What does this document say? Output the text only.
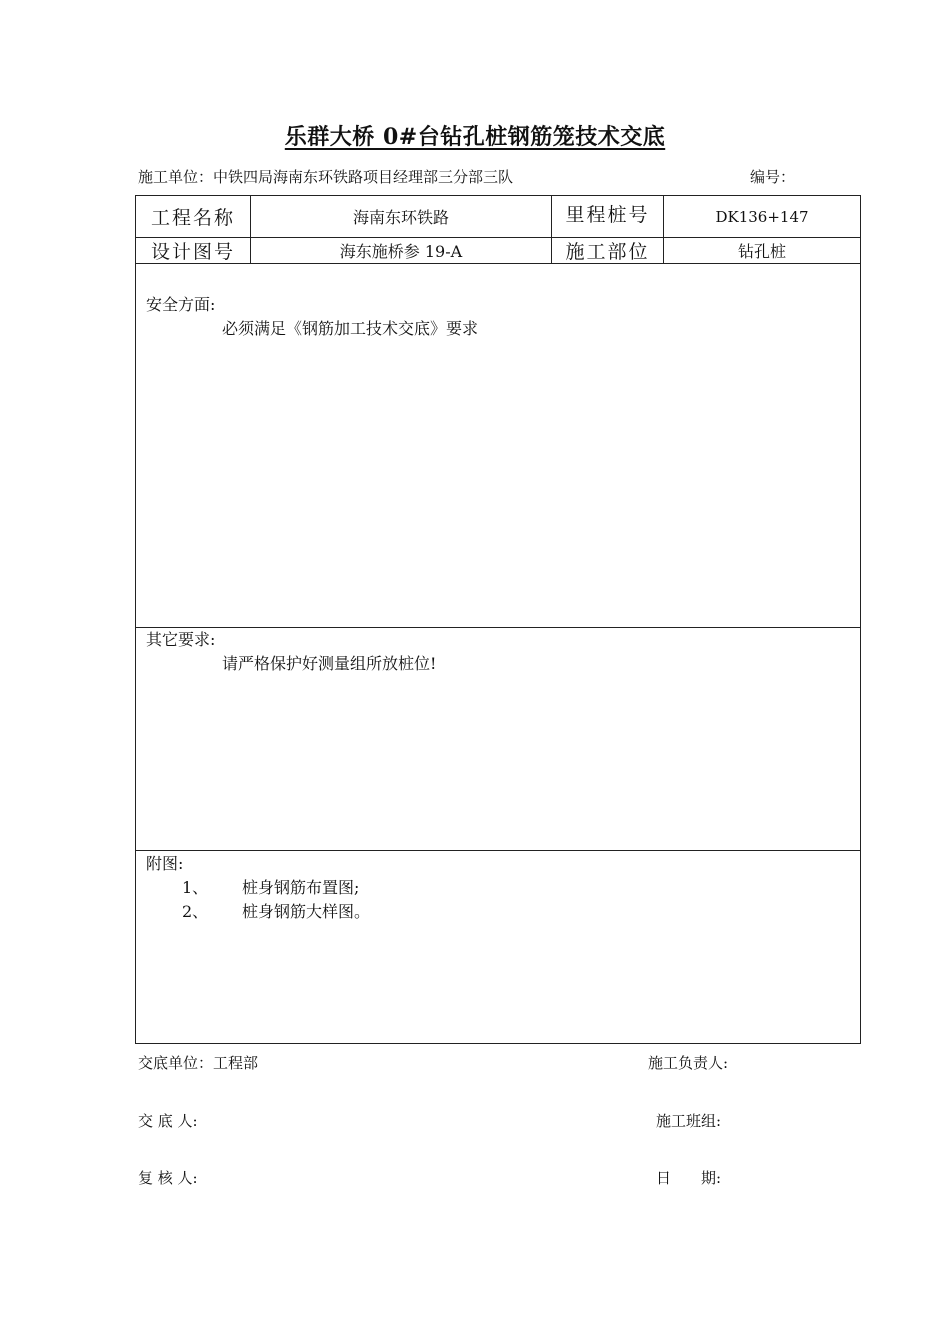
乐群大桥 0#台钻孔桩钢筋笼技术交底
施工单位：中铁四局海南东环铁路项目经理部三分部三队	编号：
工程名称	海南东环铁路	里程桩号	DK136+147
设计图号	海东施桥参 19-A	施工部位	钻孔桩
安全方面:
必须满足《钢筋加工技术交底》要求
其它要求:
请严格保护好测量组所放桩位!
附图:
1、 桩身钢筋布置图;
2、 桩身钢筋大样图。
交底单位：工程部	施工负责人:
交 底 人:	施工班组:
复 核 人:	日　　期:
